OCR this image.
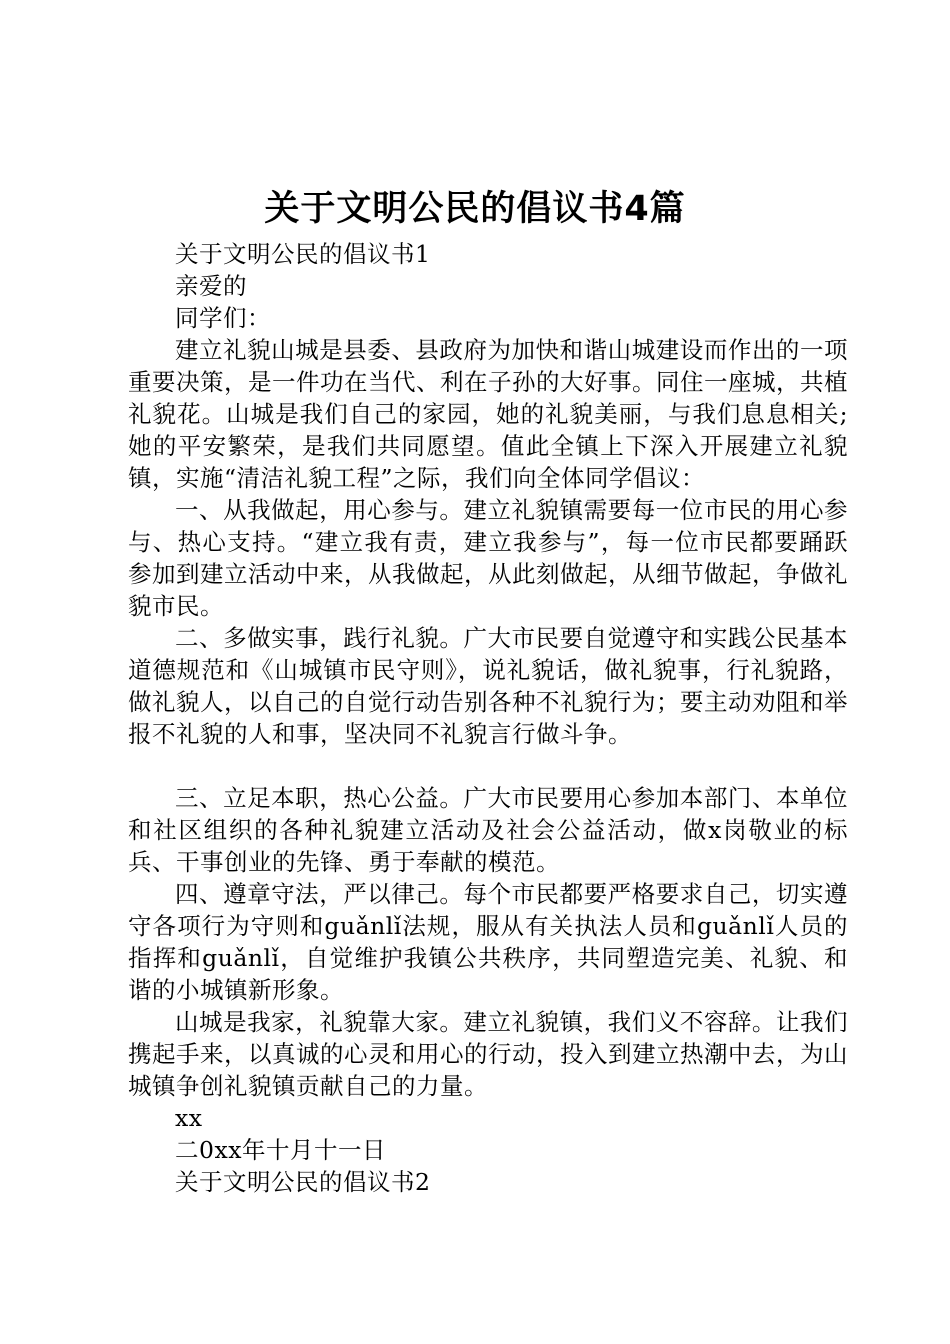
关于文明公民的倡议书4篇

关于文明公民的倡议书1

亲爱的

同学们：

建立礼貌山城是县委、县政府为加快和谐山城建设而作出的一项重要决策，是一件功在当代、利在子孙的大好事。同住一座城，共植礼貌花。山城是我们自己的家园，她的礼貌美丽，与我们息息相关;她的平安繁荣，是我们共同愿望。值此全镇上下深入开展建立礼貌镇，实施“清洁礼貌工程”之际，我们向全体同学倡议：

一、从我做起，用心参与。建立礼貌镇需要每一位市民的用心参与、热心支持。“建立我有责，建立我参与”，每一位市民都要踊跃参加到建立活动中来，从我做起，从此刻做起，从细节做起，争做礼貌市民。

二、多做实事，践行礼貌。广大市民要自觉遵守和实践公民基本道德规范和《山城镇市民守则》，说礼貌话，做礼貌事，行礼貌路，做礼貌人，以自己的自觉行动告别各种不礼貌行为；要主动劝阻和举报不礼貌的人和事，坚决同不礼貌言行做斗争。

三、立足本职，热心公益。广大市民要用心参加本部门、本单位和社区组织的各种礼貌建立活动及社会公益活动，做x岗敬业的标兵、干事创业的先锋、勇于奉献的模范。

四、遵章守法，严以律己。每个市民都要严格要求自己，切实遵守各项行为守则和guǎnlǐ法规，服从有关执法人员和guǎnlǐ人员的指挥和guǎnlǐ，自觉维护我镇公共秩序，共同塑造完美、礼貌、和谐的小城镇新形象。

山城是我家，礼貌靠大家。建立礼貌镇，我们义不容辞。让我们携起手来，以真诚的心灵和用心的行动，投入到建立热潮中去，为山城镇争创礼貌镇贡献自己的力量。

xx

二0xx年十月十一日

关于文明公民的倡议书2
